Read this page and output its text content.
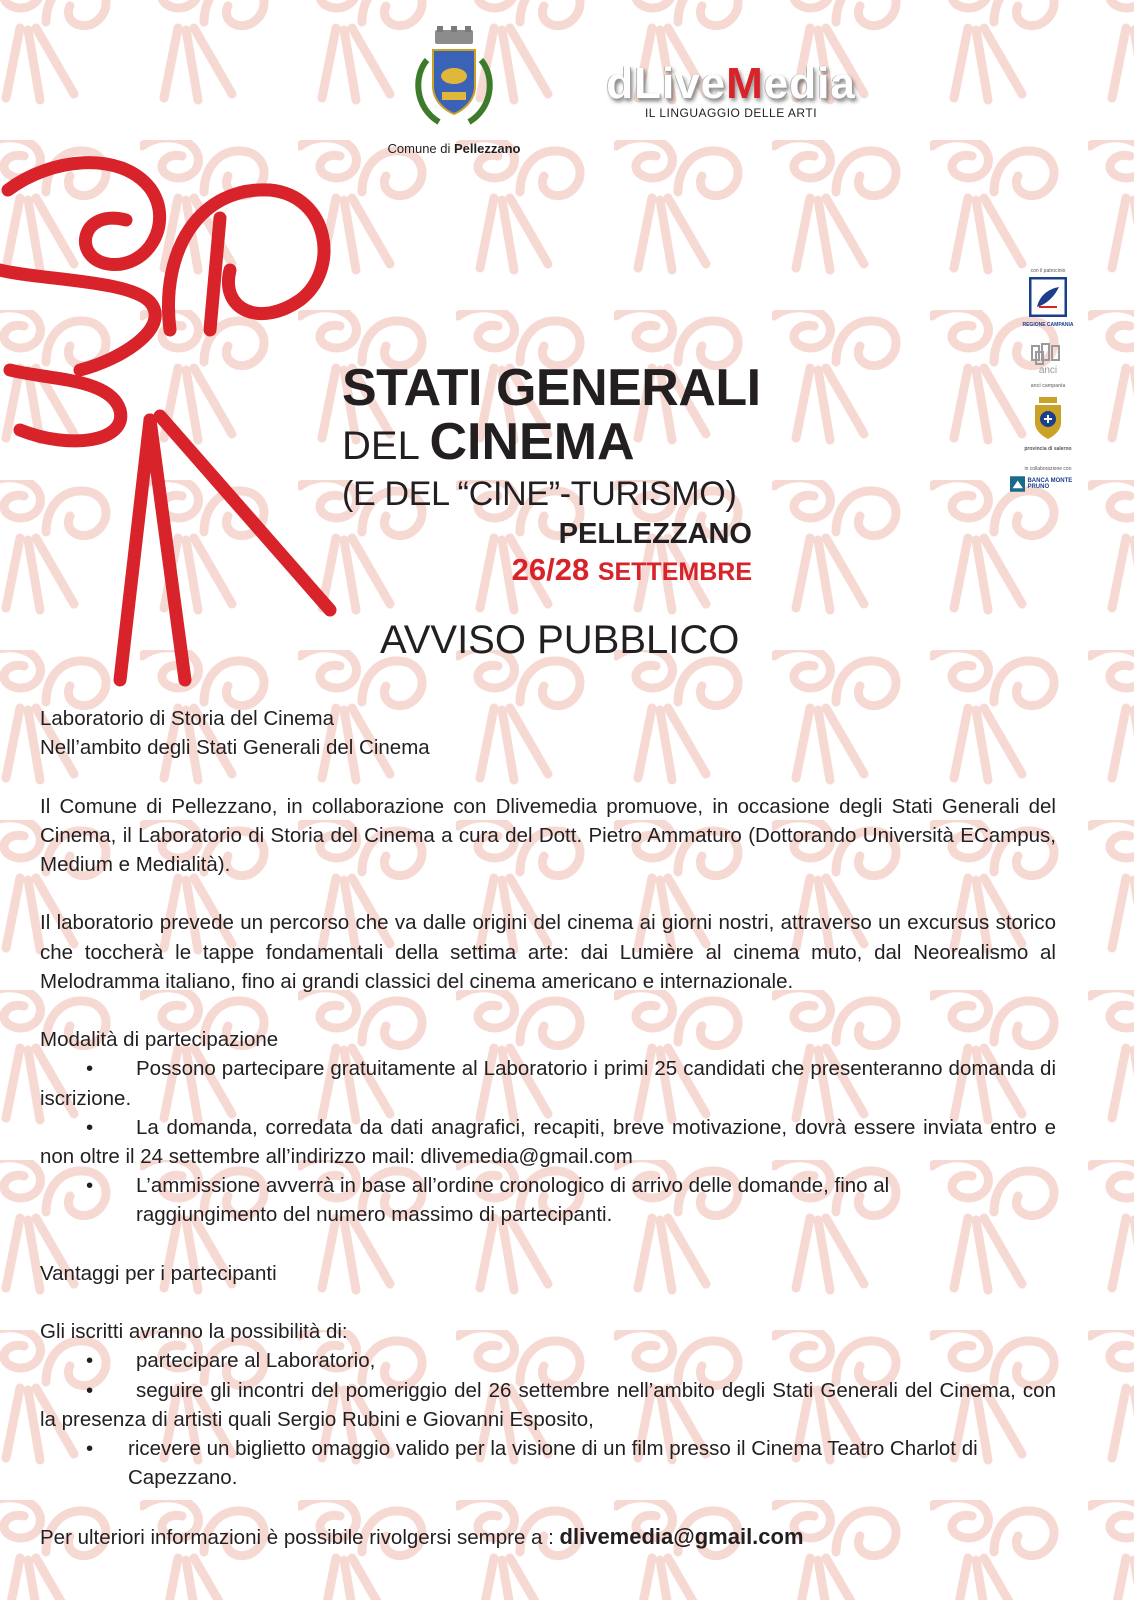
Comune di Pellezzano
dLiveMedia
IL LINGUAGGIO DELLE ARTI
con il patrocinio
REGIONE CAMPANIA
anci
anci campania
provincia di salerno
in collaborazione con
BANCA MONTE PRUNO
STATI GENERALI
DEL CINEMA
(E DEL “CINE”-TURISMO)
PELLEZZANO
26/28 SETTEMBRE
AVVISO PUBBLICO

Laboratorio di Storia del Cinema

Nell’ambito degli Stati Generali del Cinema

Il Comune di Pellezzano, in collaborazione con Dlivemedia promuove, in occasione degli Stati Generali del Cinema, il Laboratorio di Storia del Cinema a cura del Dott. Pietro Ammaturo (Dottorando Università ECampus, Medium e Medialità).

Il laboratorio prevede un percorso che va dalle origini del cinema ai giorni nostri, attraverso un excursus storico che toccherà le tappe fondamentali della settima arte: dai Lumière al cinema muto, dal Neorealismo al Melodramma italiano, fino ai grandi classici del cinema americano e internazionale.

Modalità di partecipazione

• Possono partecipare gratuitamente al Laboratorio i primi 25 candidati che presenteranno domanda di iscrizione.

• La domanda, corredata da dati anagrafici, recapiti, breve motivazione, dovrà essere inviata entro e non oltre il 24 settembre all’indirizzo mail: dlivemedia@gmail.com

• L’ammissione avverrà in base all’ordine cronologico di arrivo delle domande, fino al raggiungimento del numero massimo di partecipanti.

Vantaggi per i partecipanti

Gli iscritti avranno la possibilità di:

• partecipare al Laboratorio,

• seguire gli incontri del pomeriggio del 26 settembre nell’ambito degli Stati Generali del Cinema, con la presenza di artisti quali Sergio Rubini e Giovanni Esposito,

• ricevere un biglietto omaggio valido per la visione di un film presso il Cinema Teatro Charlot di Capezzano.

Per ulteriori informazioni è possibile rivolgersi sempre a : dlivemedia@gmail.com
